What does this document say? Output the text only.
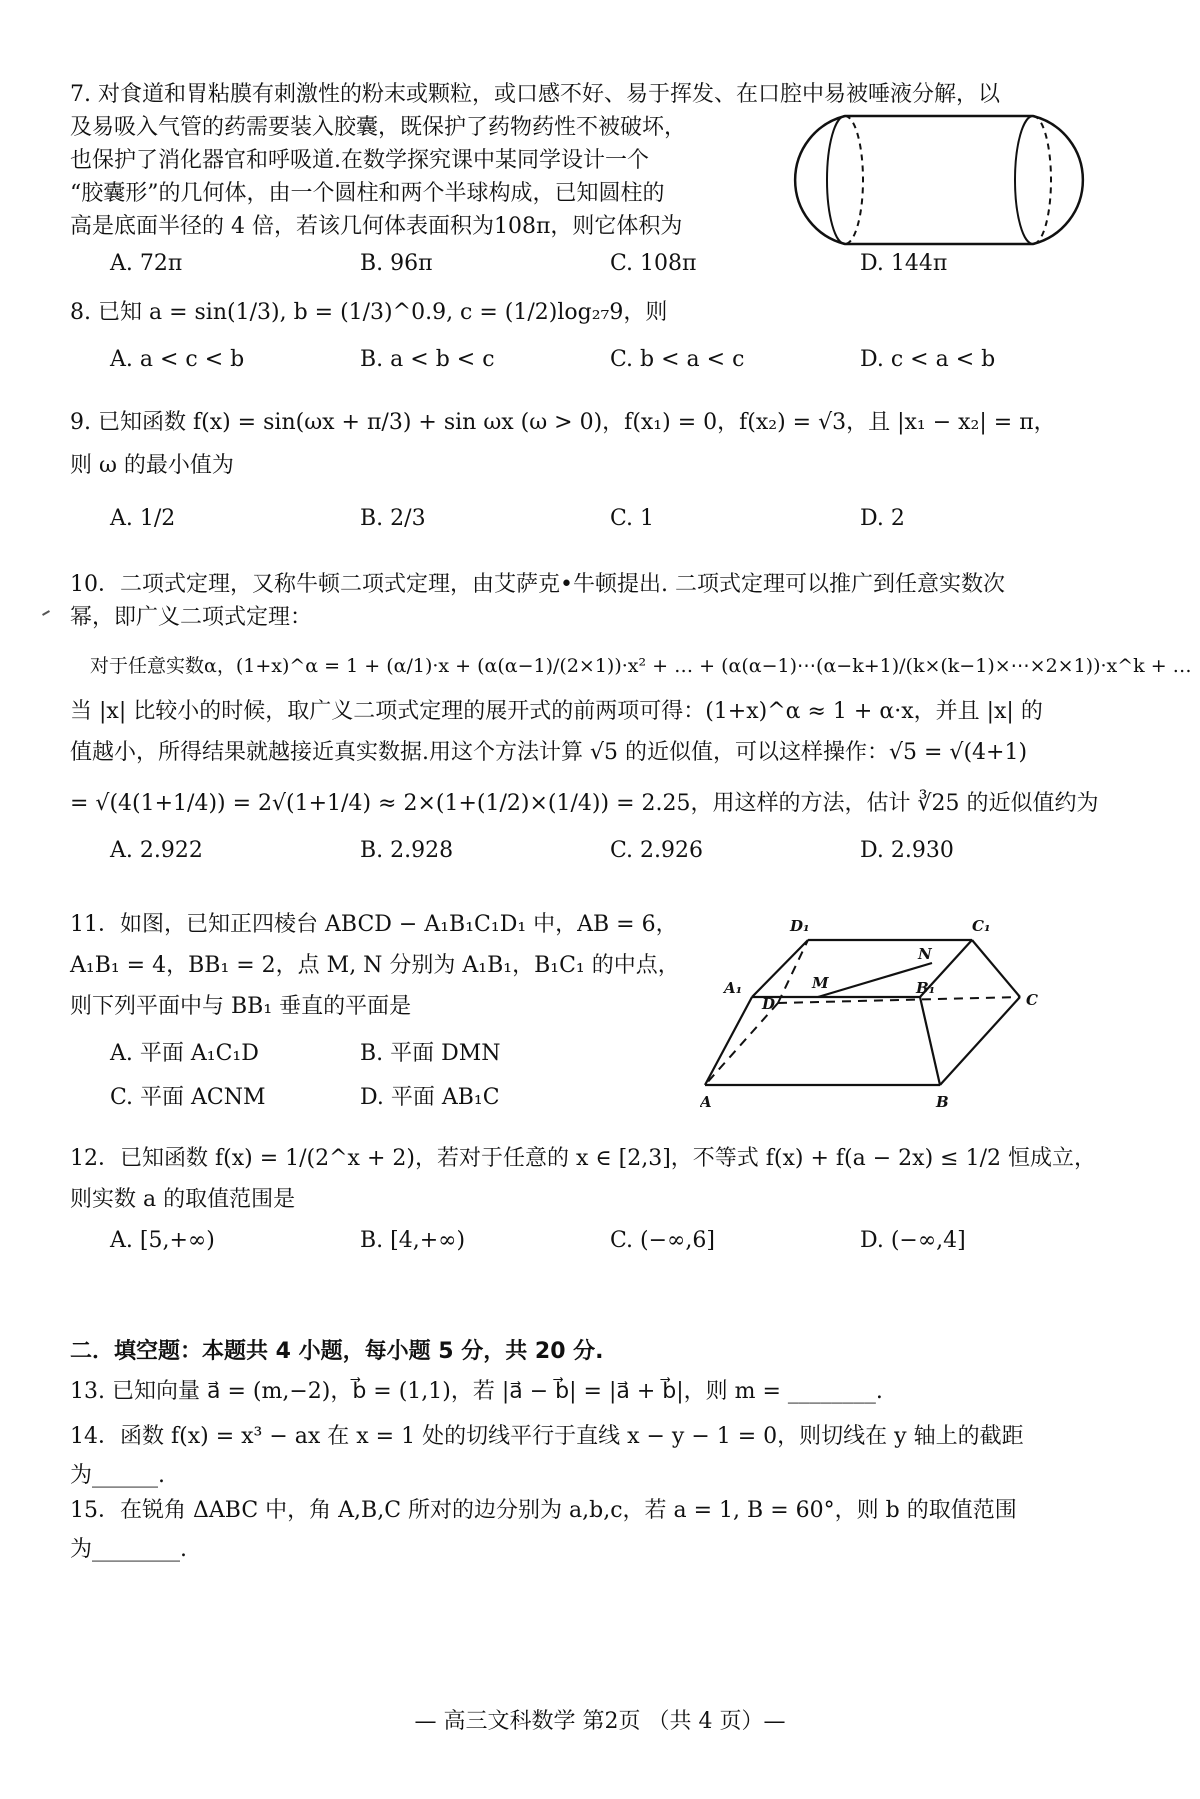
7. 对食道和胃粘膜有刺激性的粉末或颗粒，或口感不好、易于挥发、在口腔中易被唾液分解，以
及易吸入气管的药需要装入胶囊，既保护了药物药性不被破坏，
也保护了消化器官和呼吸道.在数学探究课中某同学设计一个
“胶囊形”的几何体，由一个圆柱和两个半球构成，已知圆柱的
高是底面半径的 4 倍，若该几何体表面积为108π，则它体积为
A. 72π	B. 96π	C. 108π	D. 144π
8. 已知 a = sin(1/3), b = (1/3)^0.9, c = (1/2)log₂₇9，则
A. a < c < b	B. a < b < c	C. b < a < c	D. c < a < b
9. 已知函数 f(x) = sin(ωx + π/3) + sin ωx (ω > 0)，f(x₁) = 0，f(x₂) = √3，且 |x₁ − x₂| = π，
则 ω 的最小值为
A. 1/2	B. 2/3	C. 1	D. 2
10．二项式定理，又称牛顿二项式定理，由艾萨克•牛顿提出. 二项式定理可以推广到任意实数次
幂，即广义二项式定理：
对于任意实数α，(1+x)^α = 1 + (α/1)·x + (α(α−1)/(2×1))·x² + … + (α(α−1)⋯(α−k+1)/(k×(k−1)×⋯×2×1))·x^k + …
当 |x| 比较小的时候，取广义二项式定理的展开式的前两项可得：(1+x)^α ≈ 1 + α·x，并且 |x| 的
值越小，所得结果就越接近真实数据.用这个方法计算 √5 的近似值，可以这样操作：√5 = √(4+1)
= √(4(1+1/4)) = 2√(1+1/4) ≈ 2×(1+(1/2)×(1/4)) = 2.25，用这样的方法，估计 ∛25 的近似值约为
A. 2.922	B. 2.928	C. 2.926	D. 2.930
11．如图，已知正四棱台 ABCD − A₁B₁C₁D₁ 中，AB = 6，
A₁B₁ = 4，BB₁ = 2，点 M, N 分别为 A₁B₁，B₁C₁ 的中点，
则下列平面中与 BB₁ 垂直的平面是
A. 平面 A₁C₁D	B. 平面 DMN
C. 平面 ACNM	D. 平面 AB₁C
D₁	C₁
N
A₁	M
D
B₁
C
A	B
12．已知函数 f(x) = 1/(2^x + 2)，若对于任意的 x ∈ [2,3]，不等式 f(x) + f(a − 2x) ≤ 1/2 恒成立，
则实数 a 的取值范围是
A. [5,+∞)	B. [4,+∞)	C. (−∞,6]	D. (−∞,4]
二．填空题：本题共 4 小题，每小题 5 分，共 20 分.
13. 已知向量 a⃗ = (m,−2)，b⃗ = (1,1)，若 |a⃗ − b⃗| = |a⃗ + b⃗|，则 m = ________.
14．函数 f(x) = x³ − ax 在 x = 1 处的切线平行于直线 x − y − 1 = 0，则切线在 y 轴上的截距
为______.
15．在锐角 ΔABC 中，角 A,B,C 所对的边分别为 a,b,c，若 a = 1, B = 60°，则 b 的取值范围
为________.
— 高三文科数学 第2页 （共 4 页）—
